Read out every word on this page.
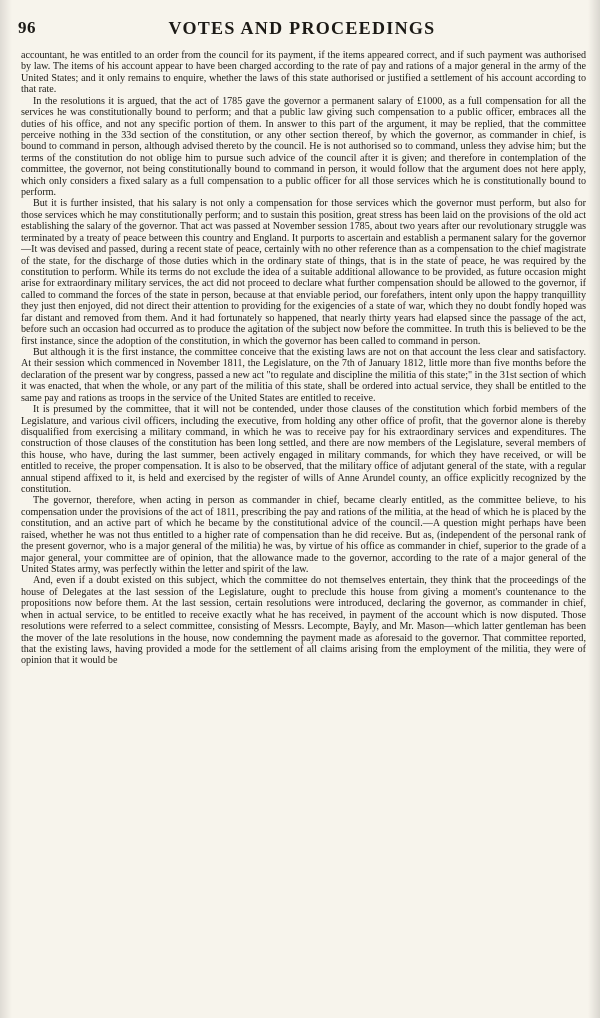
96	VOTES AND PROCEEDINGS

accountant, he was entitled to an order from the council for its payment, if the items appeared correct, and if such payment was authorised by law. The items of his account appear to have been charged according to the rate of pay and rations of a major general in the army of the United States; and it only remains to enquire, whether the laws of this state authorised or justified a settlement of his account according to that rate.

In the resolutions it is argued, that the act of 1785 gave the governor a permanent salary of £1000, as a full compensation for all the services he was constitutionally bound to perform; and that a public law giving such compensation to a public officer, embraces all the duties of his office, and not any specific portion of them. In answer to this part of the argument, it may be replied, that the committee perceive nothing in the 33d section of the constitution, or any other section thereof, by which the governor, as commander in chief, is bound to command in person, although advised thereto by the council. He is not authorised so to command, unless they advise him; but the terms of the constitution do not oblige him to pursue such advice of the council after it is given; and therefore in contemplation of the committee, the governor, not being constitutionally bound to command in person, it would follow that the argument does not here apply, which only considers a fixed salary as a full compensation to a public officer for all those services which he is constitutionally bound to perform.

But it is further insisted, that his salary is not only a compensation for those services which the governor must perform, but also for those services which he may constitutionally perform; and to sustain this position, great stress has been laid on the provisions of the old act establishing the salary of the governor. That act was passed at November session 1785, about two years after our revolutionary struggle was terminated by a treaty of peace between this country and England. It purports to ascertain and establish a permanent salary for the governor—It was devised and passed, during a recent state of peace, certainly with no other reference than as a compensation to the chief magistrate of the state, for the discharge of those duties which in the ordinary state of things, that is in the state of peace, he was required by the constitution to perform. While its terms do not exclude the idea of a suitable additional allowance to be provided, as future occasion might arise for extraordinary military services, the act did not proceed to declare what further compensation should be allowed to the governor, if called to command the forces of the state in person, because at that enviable period, our forefathers, intent only upon the happy tranquillity they just then enjoyed, did not direct their attention to providing for the exigencies of a state of war, which they no doubt fondly hoped was far distant and removed from them. And it had fortunately so happened, that nearly thirty years had elapsed since the passage of the act, before such an occasion had occurred as to produce the agitation of the subject now before the committee. In truth this is believed to be the first instance, since the adoption of the constitution, in which the governor has been called to command in person.

But although it is the first instance, the committee conceive that the existing laws are not on that account the less clear and satisfactory. At their session which commenced in November 1811, the Legislature, on the 7th of January 1812, little more than five months before the declaration of the present war by congress, passed a new act "to regulate and discipline the militia of this state;" in the 31st section of which it was enacted, that when the whole, or any part of the militia of this state, shall be ordered into actual service, they shall be entitled to the same pay and rations as troops in the service of the United States are entitled to receive.

It is presumed by the committee, that it will not be contended, under those clauses of the constitution which forbid members of the Legislature, and various civil officers, including the executive, from holding any other office of profit, that the governor alone is thereby disqualified from exercising a military command, in which he was to receive pay for his extraordinary services and expenditures. The construction of those clauses of the constitution has been long settled, and there are now members of the Legislature, several members of this house, who have, during the last summer, been actively engaged in military commands, for which they have received, or will be entitled to receive, the proper compensation. It is also to be observed, that the military office of adjutant general of the state, with a regular annual stipend affixed to it, is held and exercised by the register of wills of Anne Arundel county, an office explicitly recognized by the constitution.

The governor, therefore, when acting in person as commander in chief, became clearly entitled, as the committee believe, to his compensation under the provisions of the act of 1811, prescribing the pay and rations of the militia, at the head of which he is placed by the constitution, and an active part of which he became by the constitutional advice of the council.—A question might perhaps have been raised, whether he was not thus entitled to a higher rate of compensation than he did receive. But as, (independent of the personal rank of the present governor, who is a major general of the militia) he was, by virtue of his office as commander in chief, superior to the grade of a major general, your committee are of opinion, that the allowance made to the governor, according to the rate of a major general of the United States army, was perfectly within the letter and spirit of the law.

And, even if a doubt existed on this subject, which the committee do not themselves entertain, they think that the proceedings of the house of Delegates at the last session of the Legislature, ought to preclude this house from giving a moment's countenance to the propositions now before them. At the last session, certain resolutions were introduced, declaring the governor, as commander in chief, when in actual service, to be entitled to receive exactly what he has received, in payment of the account which is now disputed. Those resolutions were referred to a select committee, consisting of Messrs. Lecompte, Bayly, and Mr. Mason—which latter gentleman has been the mover of the late resolutions in the house, now condemning the payment made as aforesaid to the governor. That committee reported, that the existing laws, having provided a mode for the settlement of all claims arising from the employment of the militia, they were of opinion that it would be
